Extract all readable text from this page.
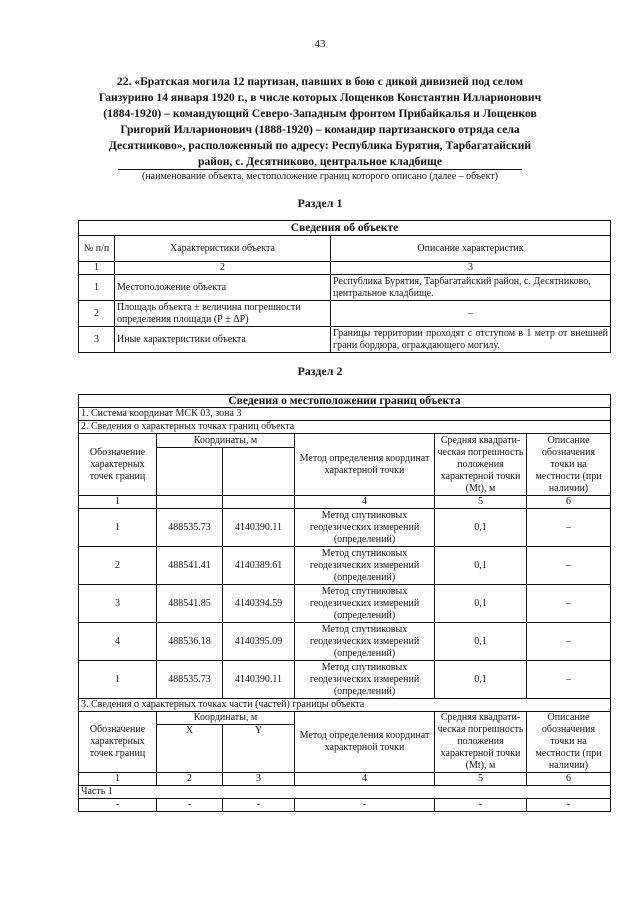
43
22. «Братская могила 12 партизан, павших в бою с дикой дивизией под селом Ганзурино 14 января 1920 г., в числе которых Лощенков Константин Илларионович (1884-1920) – командующий Северо-Западным фронтом Прибайкалья и Лощенков Григорий Илларионович (1888-1920) – командир партизанского отряда села Десятниково», расположенный по адресу: Республика Бурятия, Тарбагатайский район, с. Десятниково, центральное кладбище
(наименование объекта, местоположение границ которого описано (далее – объект)
Раздел 1
Сведения об объекте		
№ п/п	Характеристики объекта	Описание характеристик
1	2	3
1	Местоположение объекта	Республика Бурятия, Тарбагатайский район, с. Десятниково, центральное кладбище.
2	Площадь объекта ± величина погрешности определения площади (Р ± ΔР)	–
3	Иные характеристики объекта	Границы территории проходят с отступом в 1 метр от внешней грани бордюра, ограждающего могилу.
Раздел 2
Сведения о местоположении границ объекта					
1. Система координат МСК 03, зона 3					
2. Сведения о характерных точках границ объекта					
Обозначение характерных точек границ	Координаты, м		Метод определения координат характерной точки	Средняя квадрати-ческая погрешность положения характерной точки (Mt), м	Описание обозначения точки на местности (при наличии)

1			4	5	6
1	488535.73	4140390.11	Метод спутниковых геодезических измерений (определений)	0,1	–
2	488541.41	4140389.61	Метод спутниковых геодезических измерений (определений)	0,1	–
3	488541.85	4140394.59	Метод спутниковых геодезических измерений (определений)	0,1	–
4	488536.18	4140395.09	Метод спутниковых геодезических измерений (определений)	0,1	–
1	488535.73	4140390.11	Метод спутниковых геодезических измерений (определений)	0,1	–
3. Сведения о характерных точках части (частей) границы объекта					
Обозначение характерных точек границ	Координаты, м		Метод определения координат характерной точки	Средняя квадрати-ческая погрешность положения характерной точки (Mt), м	Описание обозначения точки на местности (при наличии)
	X	Y			
1	2	3	4	5	6
Часть 1					
-	-	-	-	-	-
